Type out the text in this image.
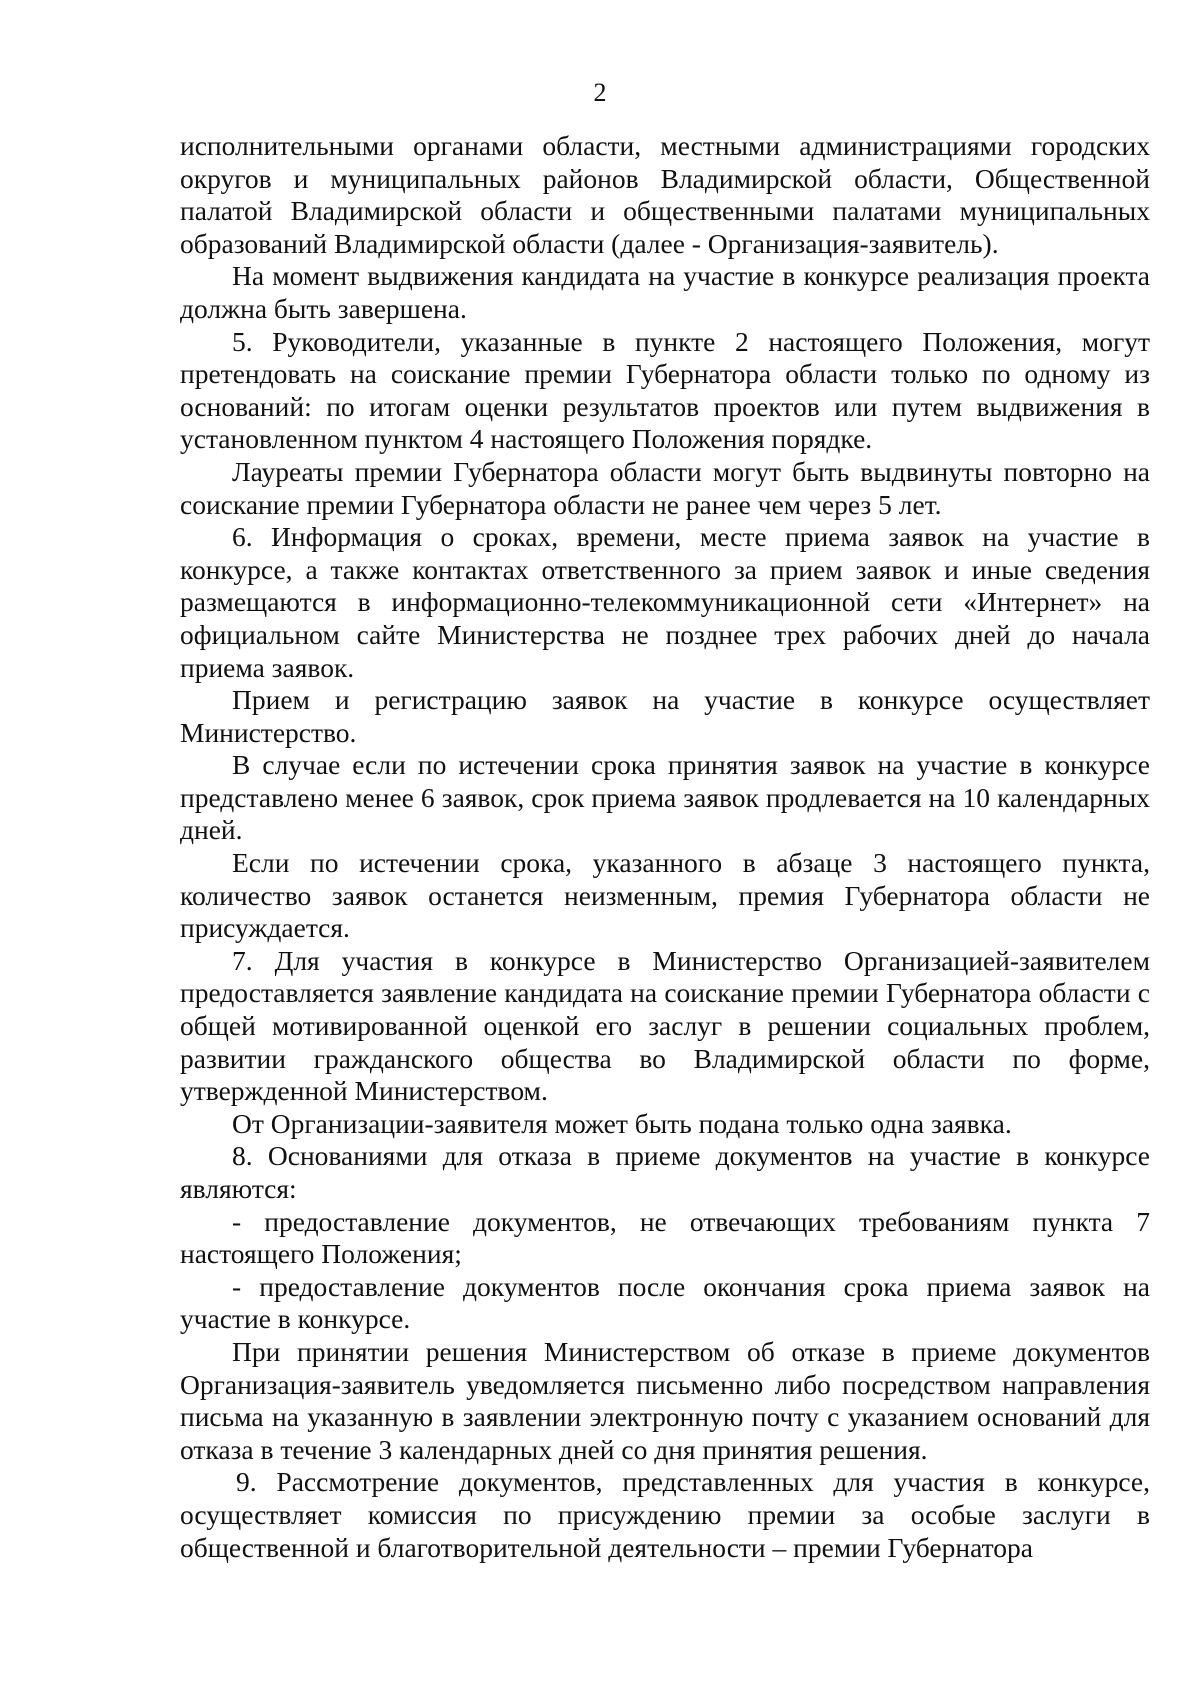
2

исполнительными органами области, местными администрациями городских округов и муниципальных районов Владимирской области, Общественной палатой Владимирской области и общественными палатами муниципальных образований Владимирской области (далее - Организация-заявитель).

На момент выдвижения кандидата на участие в конкурсе реализация проекта должна быть завершена.

5. Руководители, указанные в пункте 2 настоящего Положения, могут претендовать на соискание премии Губернатора области только по одному из оснований: по итогам оценки результатов проектов или путем выдвижения в установленном пунктом 4 настоящего Положения порядке.

Лауреаты премии Губернатора области могут быть выдвинуты повторно на соискание премии Губернатора области не ранее чем через 5 лет.

6. Информация о сроках, времени, месте приема заявок на участие в конкурсе, а также контактах ответственного за прием заявок и иные сведения размещаются в информационно-телекоммуникационной сети «Интернет» на официальном сайте Министерства не позднее трех рабочих дней до начала приема заявок.

Прием и регистрацию заявок на участие в конкурсе осуществляет Министерство.

В случае если по истечении срока принятия заявок на участие в конкурсе представлено менее 6 заявок, срок приема заявок продлевается на 10 календарных дней.

Если по истечении срока, указанного в абзаце 3 настоящего пункта, количество заявок останется неизменным, премия Губернатора области не присуждается.

7. Для участия в конкурсе в Министерство Организацией-заявителем предоставляется заявление кандидата на соискание премии Губернатора области с общей мотивированной оценкой его заслуг в решении социальных проблем, развитии гражданского общества во Владимирской области по форме, утвержденной Министерством.

От Организации-заявителя может быть подана только одна заявка.

8. Основаниями для отказа в приеме документов на участие в конкурсе являются:

- предоставление документов, не отвечающих требованиям пункта 7 настоящего Положения;

- предоставление документов после окончания срока приема заявок на участие в конкурсе.

При принятии решения Министерством об отказе в приеме документов Организация-заявитель уведомляется письменно либо посредством направления письма на указанную в заявлении электронную почту с указанием оснований для отказа в течение 3 календарных дней со дня принятия решения.

9. Рассмотрение документов, представленных для участия в конкурсе, осуществляет комиссия по присуждению премии за особые заслуги в общественной и благотворительной деятельности – премии Губернатора
